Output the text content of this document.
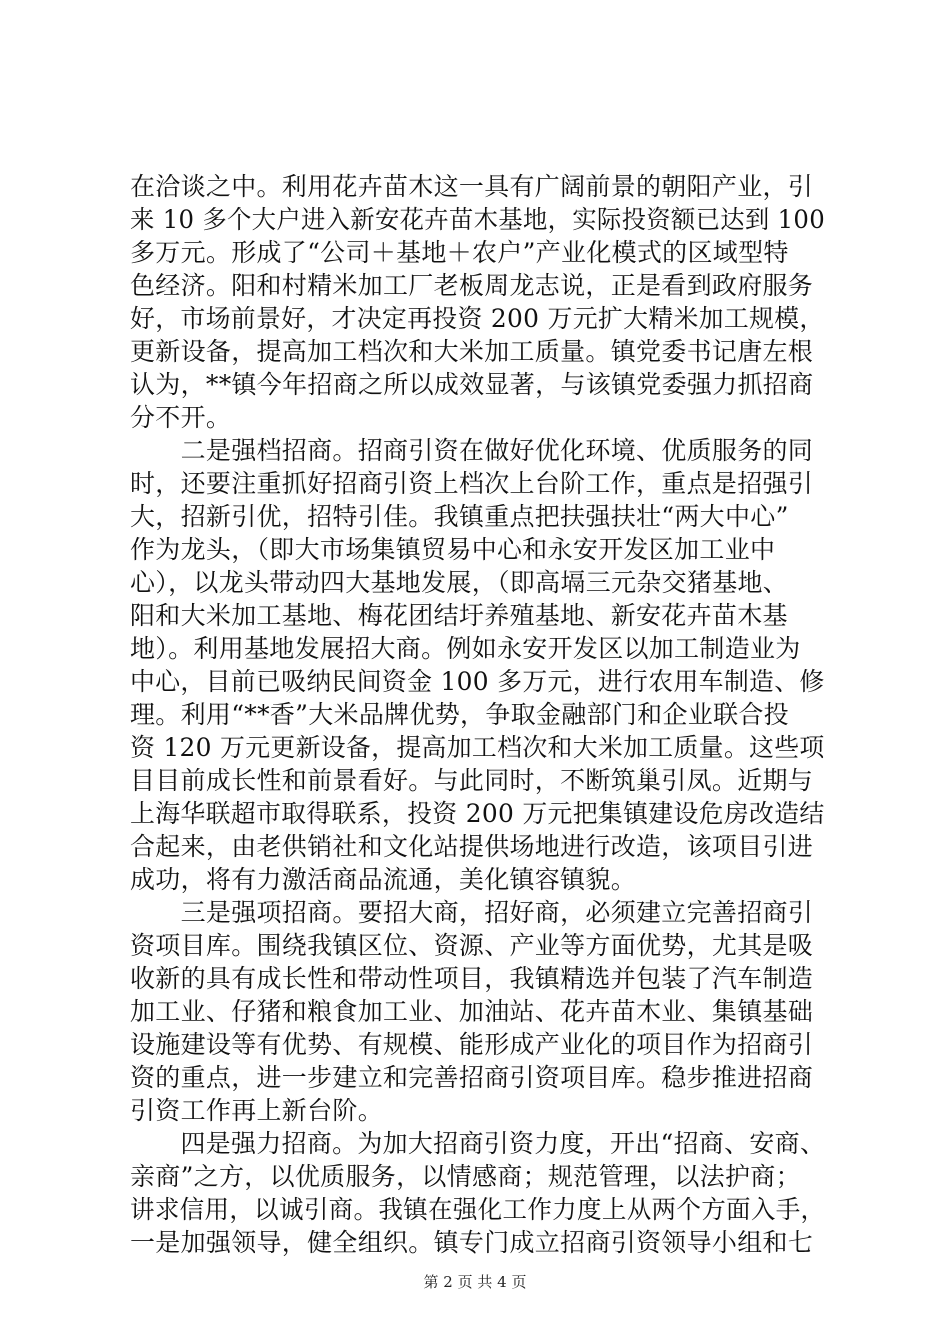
在洽谈之中。利用花卉苗木这一具有广阔前景的朝阳产业，引
来 10 多个大户进入新安花卉苗木基地，实际投资额已达到 100
多万元。形成了“公司＋基地＋农户”产业化模式的区域型特
色经济。阳和村精米加工厂老板周龙志说，正是看到政府服务
好，市场前景好，才决定再投资 200 万元扩大精米加工规模，
更新设备，提高加工档次和大米加工质量。镇党委书记唐左根
认为，**镇今年招商之所以成效显著，与该镇党委强力抓招商
分不开。
　　二是强档招商。招商引资在做好优化环境、优质服务的同
时，还要注重抓好招商引资上档次上台阶工作，重点是招强引
大，招新引优，招特引佳。我镇重点把扶强扶壮“两大中心”
作为龙头，（即大市场集镇贸易中心和永安开发区加工业中
心），以龙头带动四大基地发展，（即高塥三元杂交猪基地、
阳和大米加工基地、梅花团结圩养殖基地、新安花卉苗木基
地）。利用基地发展招大商。例如永安开发区以加工制造业为
中心，目前已吸纳民间资金 100 多万元，进行农用车制造、修
理。利用“**香”大米品牌优势，争取金融部门和企业联合投
资 120 万元更新设备，提高加工档次和大米加工质量。这些项
目目前成长性和前景看好。与此同时，不断筑巢引凤。近期与
上海华联超市取得联系，投资 200 万元把集镇建设危房改造结
合起来，由老供销社和文化站提供场地进行改造，该项目引进
成功，将有力激活商品流通，美化镇容镇貌。
　　三是强项招商。要招大商，招好商，必须建立完善招商引
资项目库。围绕我镇区位、资源、产业等方面优势，尤其是吸
收新的具有成长性和带动性项目，我镇精选并包装了汽车制造
加工业、仔猪和粮食加工业、加油站、花卉苗木业、集镇基础
设施建设等有优势、有规模、能形成产业化的项目作为招商引
资的重点，进一步建立和完善招商引资项目库。稳步推进招商
引资工作再上新台阶。
　　四是强力招商。为加大招商引资力度，开出“招商、安商、
亲商”之方，以优质服务，以情感商；规范管理，以法护商；
讲求信用，以诚引商。我镇在强化工作力度上从两个方面入手，
一是加强领导，健全组织。镇专门成立招商引资领导小组和七
第 2 页 共 4 页
